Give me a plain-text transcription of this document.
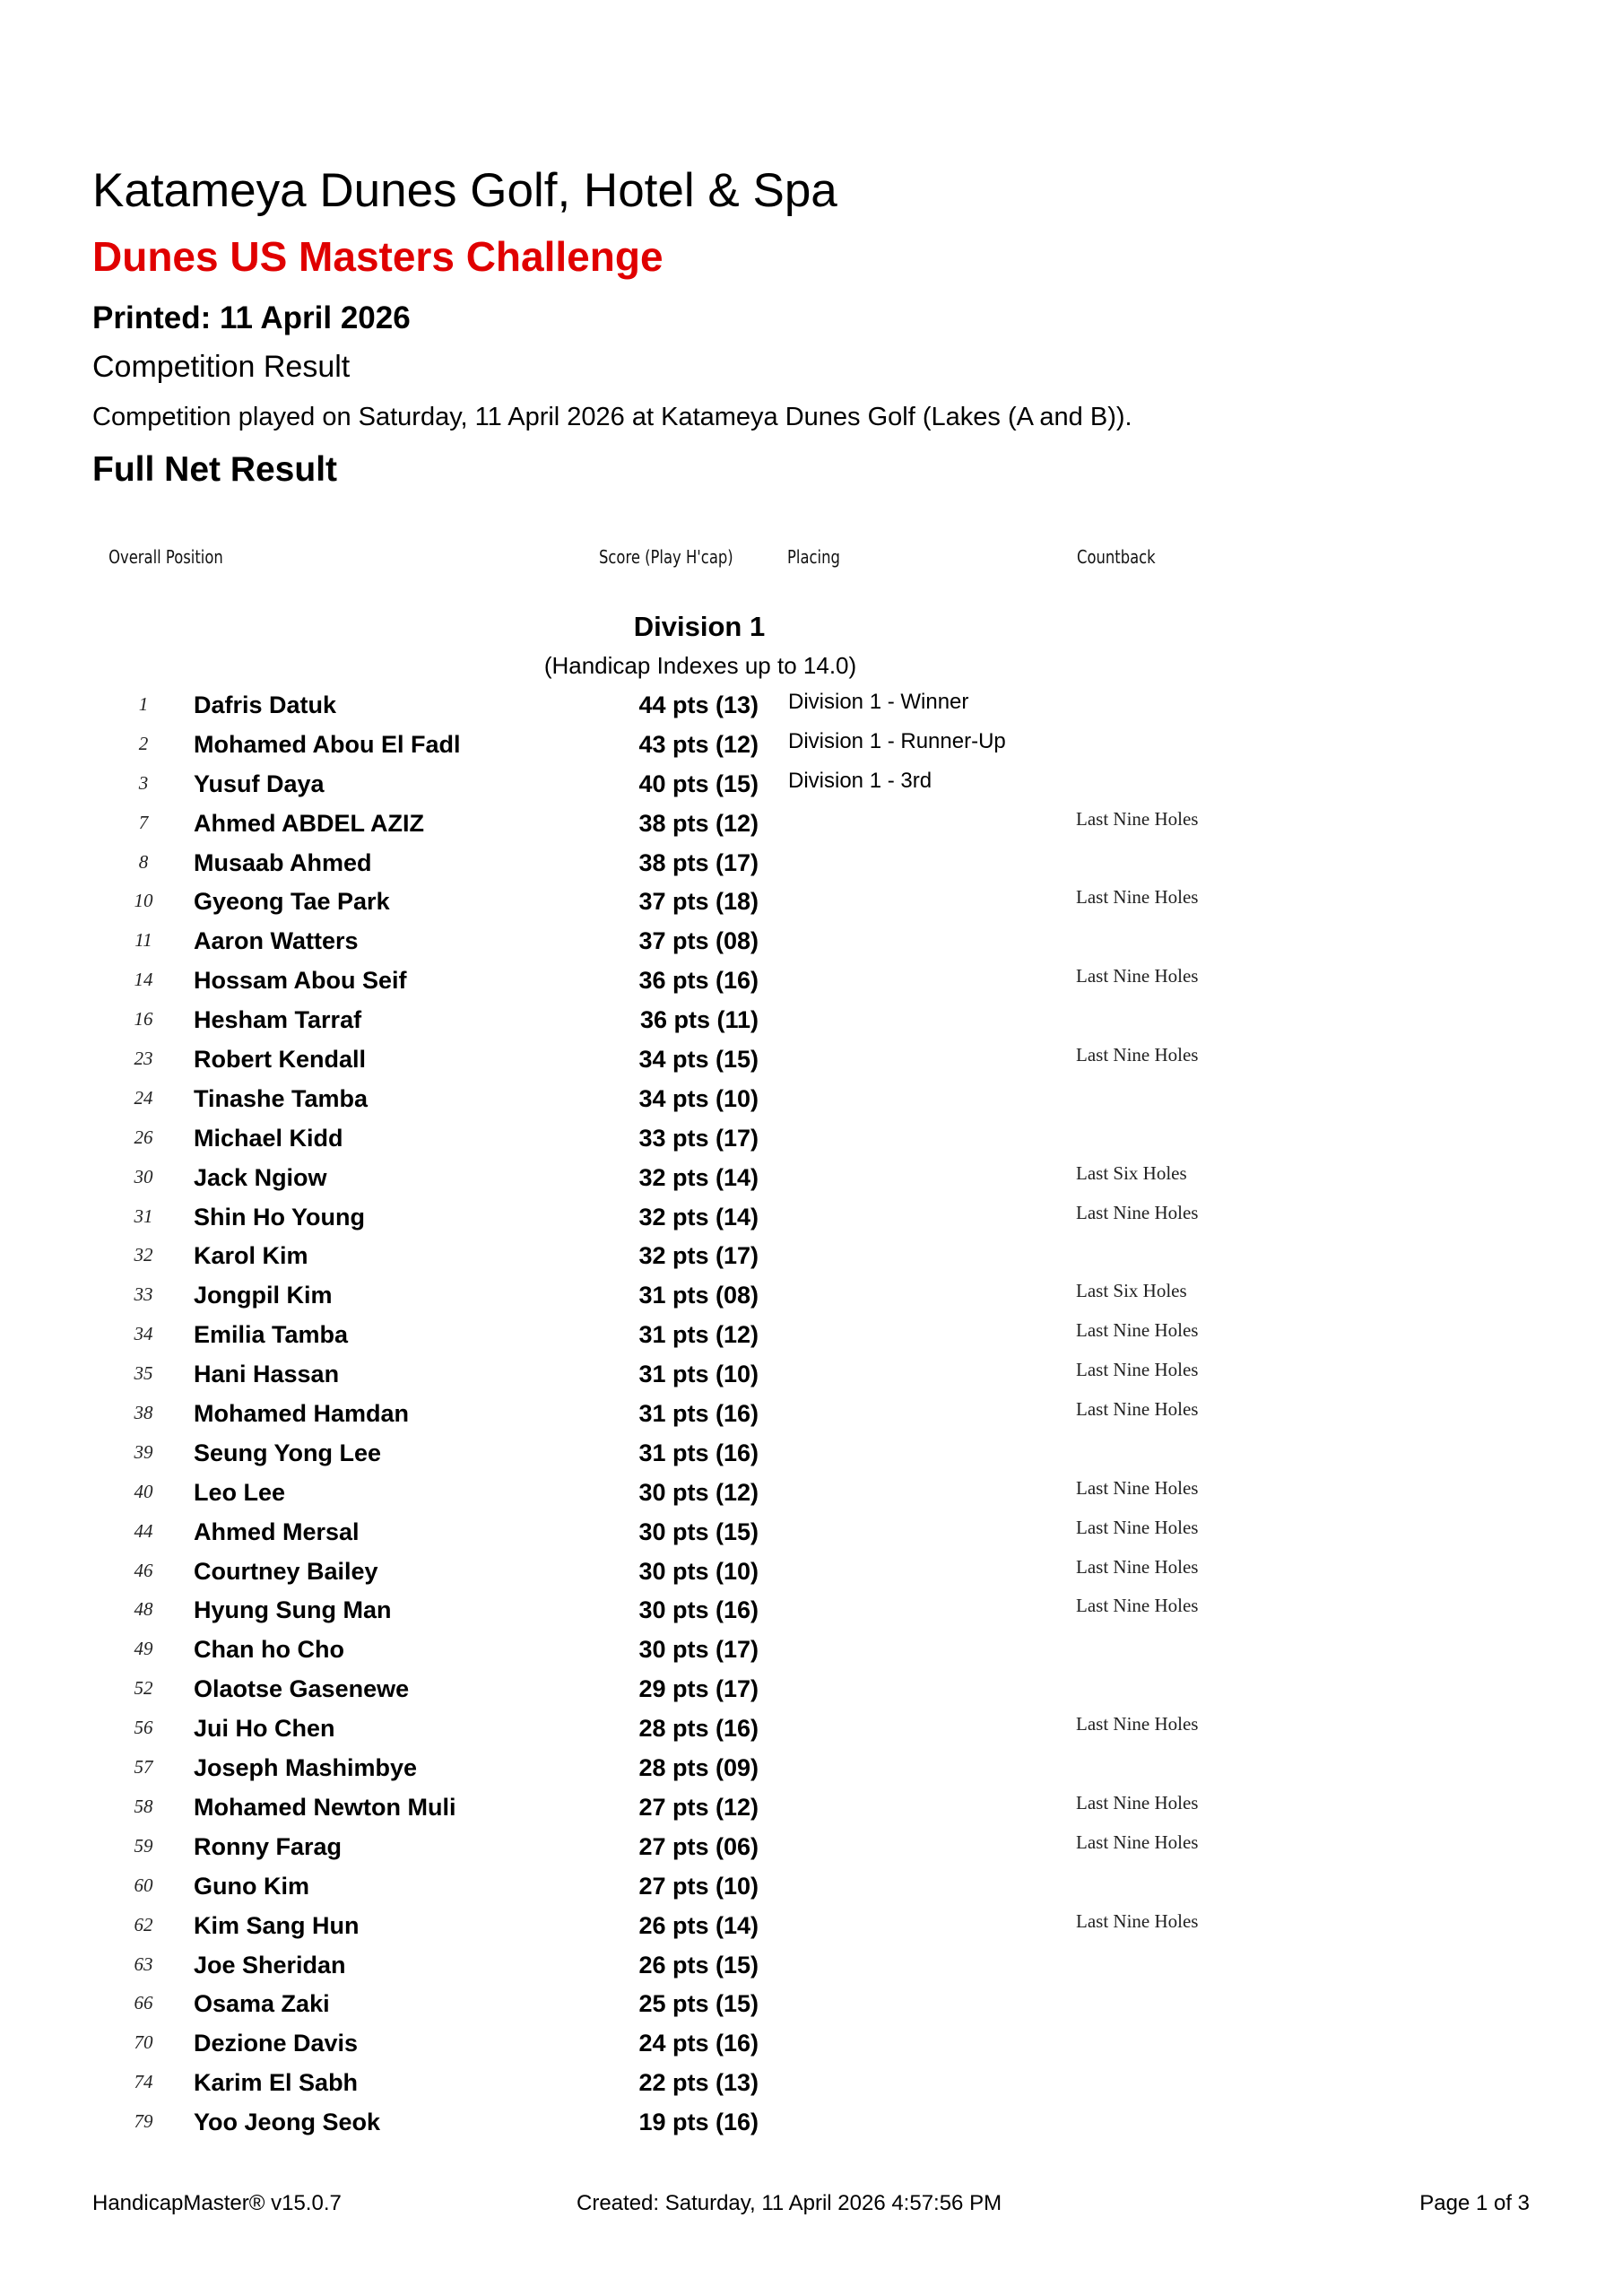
Katameya Dunes Golf, Hotel & Spa
Dunes US Masters Challenge
Printed: 11 April 2026
Competition Result
Competition played on Saturday, 11 April 2026 at Katameya Dunes Golf (Lakes (A and B)).
Full Net Result
Overall Position	Score (Play H'cap)	Placing	Countback
Division 1
(Handicap Indexes up to 14.0)
1	Dafris Datuk	44 pts (13) Division 1 - Winner
2	Mohamed Abou El Fadl	43 pts (12) Division 1 - Runner-Up
3	Yusuf Daya	40 pts (15) Division 1 - 3rd
7	Ahmed ABDEL AZIZ	38 pts (12)	Last Nine Holes
8	Musaab Ahmed	38 pts (17)
10	Gyeong Tae Park	37 pts (18)	Last Nine Holes
11	Aaron Watters	37 pts (08)
14	Hossam Abou Seif	36 pts (16)	Last Nine Holes
16	Hesham Tarraf	36 pts (11)
23	Robert Kendall	34 pts (15)	Last Nine Holes
24	Tinashe Tamba	34 pts (10)
26	Michael Kidd	33 pts (17)
30	Jack Ngiow	32 pts (14)	Last Six Holes
31	Shin Ho Young	32 pts (14)	Last Nine Holes
32	Karol Kim	32 pts (17)
33	Jongpil Kim	31 pts (08)	Last Six Holes
34	Emilia Tamba	31 pts (12)	Last Nine Holes
35	Hani Hassan	31 pts (10)	Last Nine Holes
38	Mohamed Hamdan	31 pts (16)	Last Nine Holes
39	Seung Yong Lee	31 pts (16)
40	Leo Lee	30 pts (12)	Last Nine Holes
44	Ahmed Mersal	30 pts (15)	Last Nine Holes
46	Courtney Bailey	30 pts (10)	Last Nine Holes
48	Hyung Sung Man	30 pts (16)	Last Nine Holes
49	Chan ho Cho	30 pts (17)
52	Olaotse Gasenewe	29 pts (17)
56	Jui Ho Chen	28 pts (16)	Last Nine Holes
57	Joseph Mashimbye	28 pts (09)
58	Mohamed Newton Muli	27 pts (12)	Last Nine Holes
59	Ronny Farag	27 pts (06)	Last Nine Holes
60	Guno Kim	27 pts (10)
62	Kim Sang Hun	26 pts (14)	Last Nine Holes
63	Joe Sheridan	26 pts (15)
66	Osama Zaki	25 pts (15)
70	Dezione Davis	24 pts (16)
74	Karim El Sabh	22 pts (13)
79	Yoo Jeong Seok	19 pts (16)
HandicapMaster® v15.0.7	Created: Saturday, 11 April 2026 4:57:56 PM	Page 1 of 3
